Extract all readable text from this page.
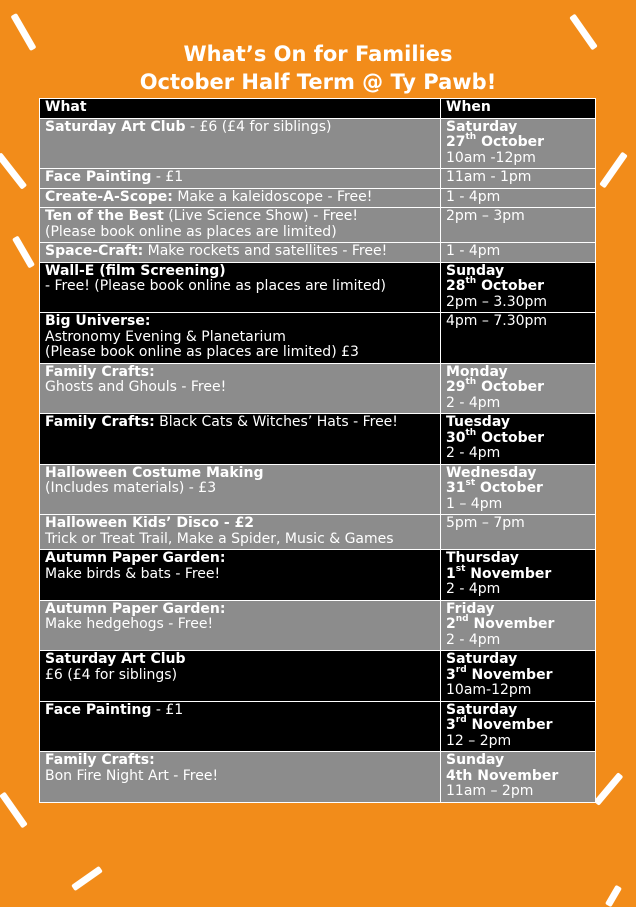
What’s On for Families
October Half Term @ Ty Pawb!
What	When

Saturday Art Club - £6 (£4 for siblings)	Saturday
27th October
10am -12pm

Face Painting - £1	11am - 1pm

Create-A-Scope: Make a kaleidoscope - Free!	1 - 4pm

Ten of the Best (Live Science Show) - Free!
(Please book online as places are limited)	2pm – 3pm

Space-Craft: Make rockets and satellites - Free!	1 - 4pm

Wall-E (film Screening)
- Free! (Please book online as places are limited)	Sunday
28th October
2pm – 3.30pm

Big Universe:
Astronomy Evening & Planetarium
(Please book online as places are limited) £3	4pm – 7.30pm

Family Crafts:
Ghosts and Ghouls - Free!	Monday
29th October
2 - 4pm

Family Crafts: Black Cats & Witches’ Hats - Free!	Tuesday
30th October
2 - 4pm

Halloween Costume Making
(Includes materials) - £3	Wednesday
31st October
1 – 4pm

Halloween Kids’ Disco - £2
Trick or Treat Trail, Make a Spider, Music & Games	5pm – 7pm

Autumn Paper Garden:
Make birds & bats - Free!	Thursday
1st November
2 - 4pm

Autumn Paper Garden:
Make hedgehogs - Free!	Friday
2nd November
2 - 4pm

Saturday Art Club
£6 (£4 for siblings)	Saturday
3rd November
10am-12pm

Face Painting - £1	Saturday
3rd November
12 – 2pm

Family Crafts:
Bon Fire Night Art - Free!	Sunday
4th November
11am – 2pm
